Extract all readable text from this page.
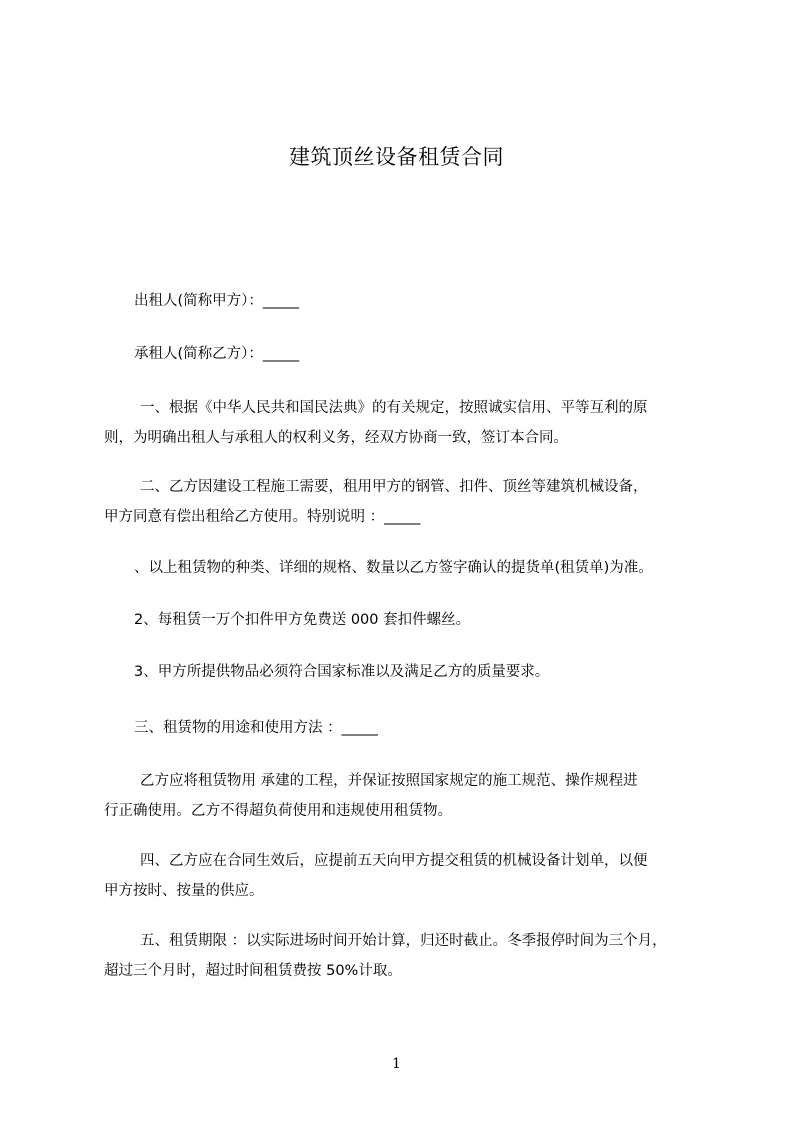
建筑顶丝设备租赁合同

出租人(简称甲方）：_____

承租人(简称乙方）：_____

一、根据《中华人民共和国民法典》的有关规定，按照诚实信用、平等互利的原
则，为明确出租人与承租人的权利义务，经双方协商一致，签订本合同。

二、乙方因建设工程施工需要，租用甲方的钢管、扣件、顶丝等建筑机械设备，
甲方同意有偿出租给乙方使用。特别说明 ：_____

、以上租赁物的种类、详细的规格、数量以乙方签字确认的提货单(租赁单)为准。

2、每租赁一万个扣件甲方免费送 000 套扣件螺丝。

3、甲方所提供物品必须符合国家标准以及满足乙方的质量要求。

三、租赁物的用途和使用方法 ：_____

乙方应将租赁物用 承建的工程，并保证按照国家规定的施工规范、操作规程进
行正确使用。乙方不得超负荷使用和违规使用租赁物。

四、乙方应在合同生效后，应提前五天向甲方提交租赁的机械设备计划单，以便
甲方按时、按量的供应。

五、租赁期限 ：以实际进场时间开始计算，归还时截止。冬季报停时间为三个月，
超过三个月时，超过时间租赁费按 50%计取。

1
